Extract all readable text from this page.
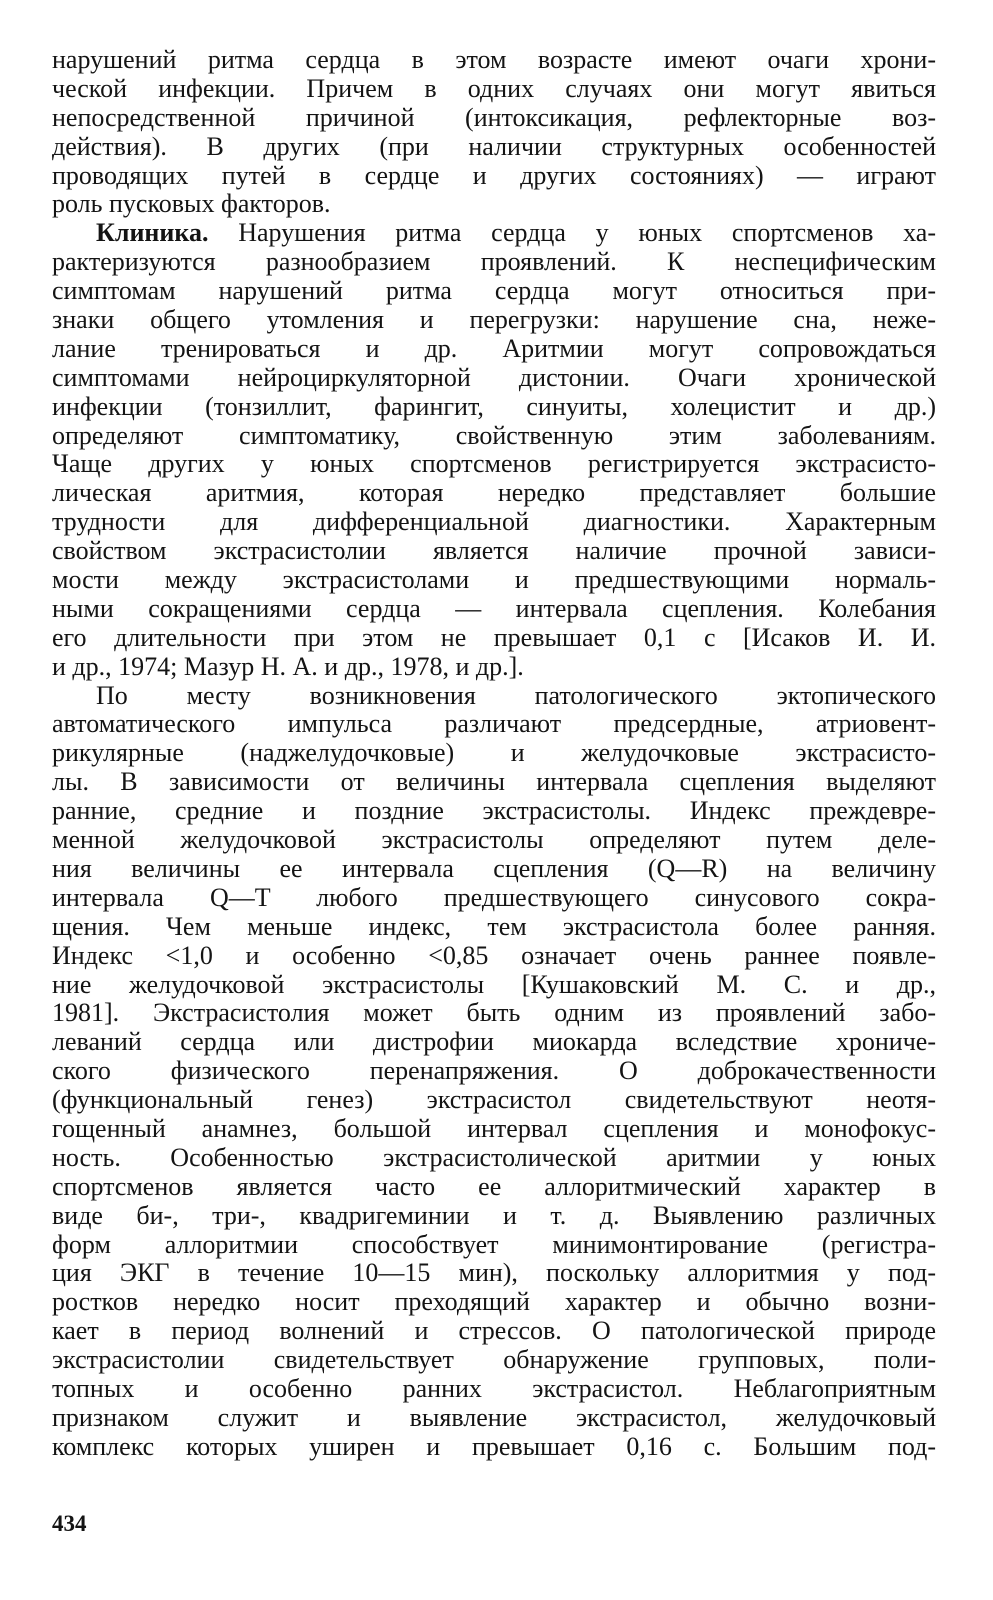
нарушений ритма сердца в этом возрасте имеют очаги хрони-
ческой инфекции. Причем в одних случаях они могут явиться
непосредственной причиной (интоксикация, рефлекторные воз-
действия). В других (при наличии структурных особенностей
проводящих путей в сердце и других состояниях) — играют
роль пусковых факторов.
Клиника. Нарушения ритма сердца у юных спортсменов ха-
рактеризуются разнообразием проявлений. К неспецифическим
симптомам нарушений ритма сердца могут относиться при-
знаки общего утомления и перегрузки: нарушение сна, неже-
лание тренироваться и др. Аритмии могут сопровождаться
симптомами нейроциркуляторной дистонии. Очаги хронической
инфекции (тонзиллит, фарингит, синуиты, холецистит и др.)
определяют симптоматику, свойственную этим заболеваниям.
Чаще других у юных спортсменов регистрируется экстрасисто-
лическая аритмия, которая нередко представляет большие
трудности для дифференциальной диагностики. Характерным
свойством экстрасистолии является наличие прочной зависи-
мости между экстрасистолами и предшествующими нормаль-
ными сокращениями сердца — интервала сцепления. Колебания
его длительности при этом не превышает 0,1 с [Исаков И. И.
и др., 1974; Мазур Н. А. и др., 1978, и др.].
По месту возникновения патологического эктопического
автоматического импульса различают предсердные, атриовент-
рикулярные (наджелудочковые) и желудочковые экстрасисто-
лы. В зависимости от величины интервала сцепления выделяют
ранние, средние и поздние экстрасистолы. Индекс преждевре-
менной желудочковой экстрасистолы определяют путем деле-
ния величины ее интервала сцепления (Q—R) на величину
интервала Q—T любого предшествующего синусового сокра-
щения. Чем меньше индекс, тем экстрасистола более ранняя.
Индекс <1,0 и особенно <0,85 означает очень раннее появле-
ние желудочковой экстрасистолы [Кушаковский М. С. и др.,
1981]. Экстрасистолия может быть одним из проявлений забо-
леваний сердца или дистрофии миокарда вследствие хрониче-
ского физического перенапряжения. О доброкачественности
(функциональный генез) экстрасистол свидетельствуют неотя-
гощенный анамнез, большой интервал сцепления и монофокус-
ность. Особенностью экстрасистолической аритмии у юных
спортсменов является часто ее аллоритмический характер в
виде би-, три-, квадригеминии и т. д. Выявлению различных
форм аллоритмии способствует минимонтирование (регистра-
ция ЭКГ в течение 10—15 мин), поскольку аллоритмия у под-
ростков нередко носит преходящий характер и обычно возни-
кает в период волнений и стрессов. О патологической природе
экстрасистолии свидетельствует обнаружение групповых, поли-
топных и особенно ранних экстрасистол. Неблагоприятным
признаком служит и выявление экстрасистол, желудочковый
комплекс которых уширен и превышает 0,16 с. Большим под-
434
